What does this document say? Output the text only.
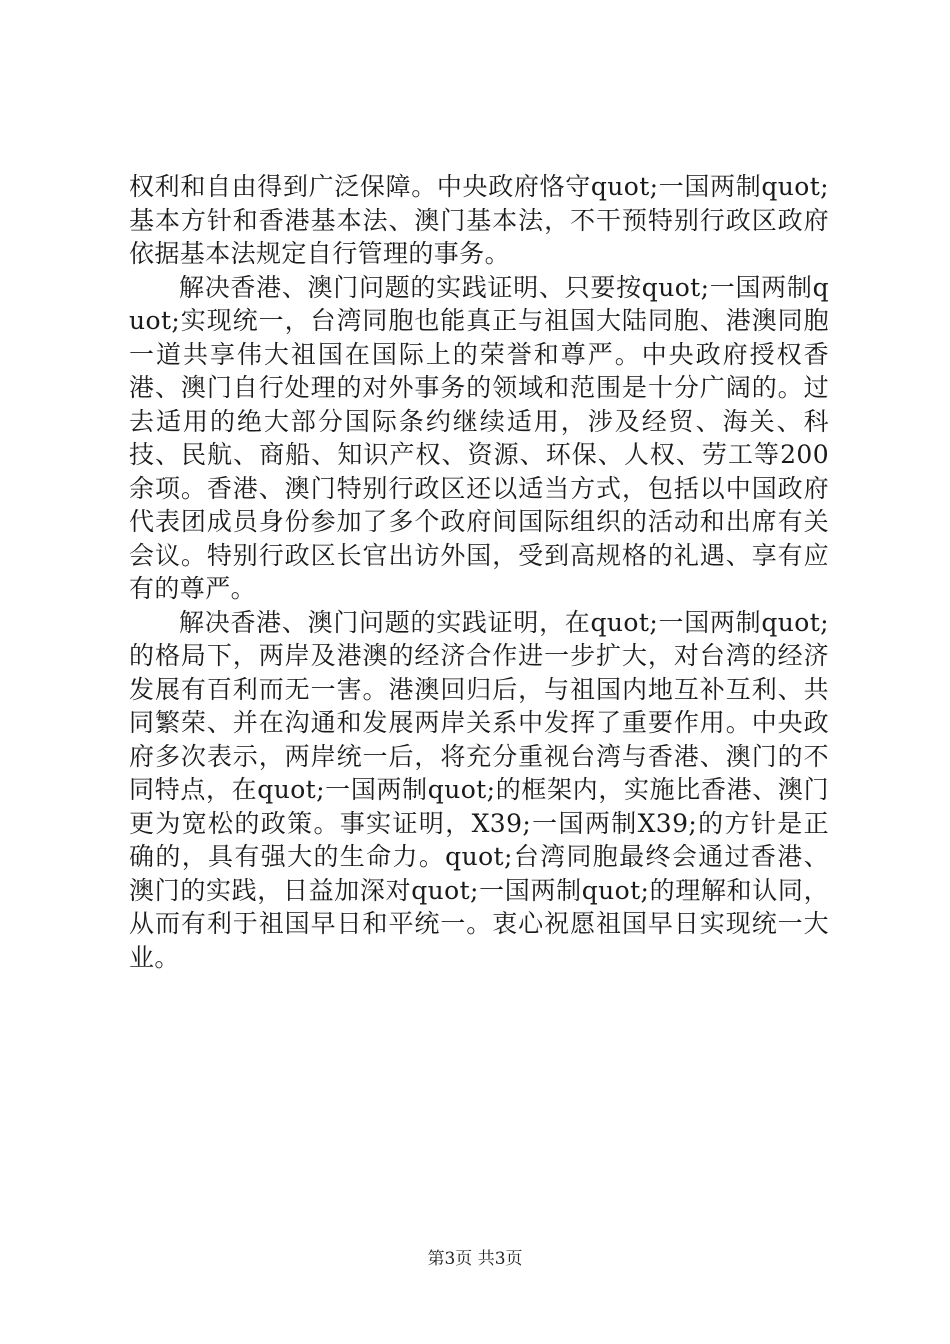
权利和自由得到广泛保障。中央政府恪守quot;一国两制quot;基本方针和香港基本法、澳门基本法，不干预特别行政区政府依据基本法规定自行管理的事务。

解决香港、澳门问题的实践证明、只要按quot;一国两制quot;实现统一，台湾同胞也能真正与祖国大陆同胞、港澳同胞一道共享伟大祖国在国际上的荣誉和尊严。中央政府授权香港、澳门自行处理的对外事务的领域和范围是十分广阔的。过去适用的绝大部分国际条约继续适用，涉及经贸、海关、科技、民航、商船、知识产权、资源、环保、人权、劳工等200余项。香港、澳门特别行政区还以适当方式，包括以中国政府代表团成员身份参加了多个政府间国际组织的活动和出席有关会议。特别行政区长官出访外国，受到高规格的礼遇、享有应有的尊严。

解决香港、澳门问题的实践证明，在quot;一国两制quot;的格局下，两岸及港澳的经济合作进一步扩大，对台湾的经济发展有百利而无一害。港澳回归后，与祖国内地互补互利、共同繁荣、并在沟通和发展两岸关系中发挥了重要作用。中央政府多次表示，两岸统一后，将充分重视台湾与香港、澳门的不同特点，在quot;一国两制quot;的框架内，实施比香港、澳门更为宽松的政策。事实证明，X39;一国两制X39;的方针是正确的，具有强大的生命力。quot;台湾同胞最终会通过香港、澳门的实践，日益加深对quot;一国两制quot;的理解和认同，从而有利于祖国早日和平统一。衷心祝愿祖国早日实现统一大业。

第3页 共3页
